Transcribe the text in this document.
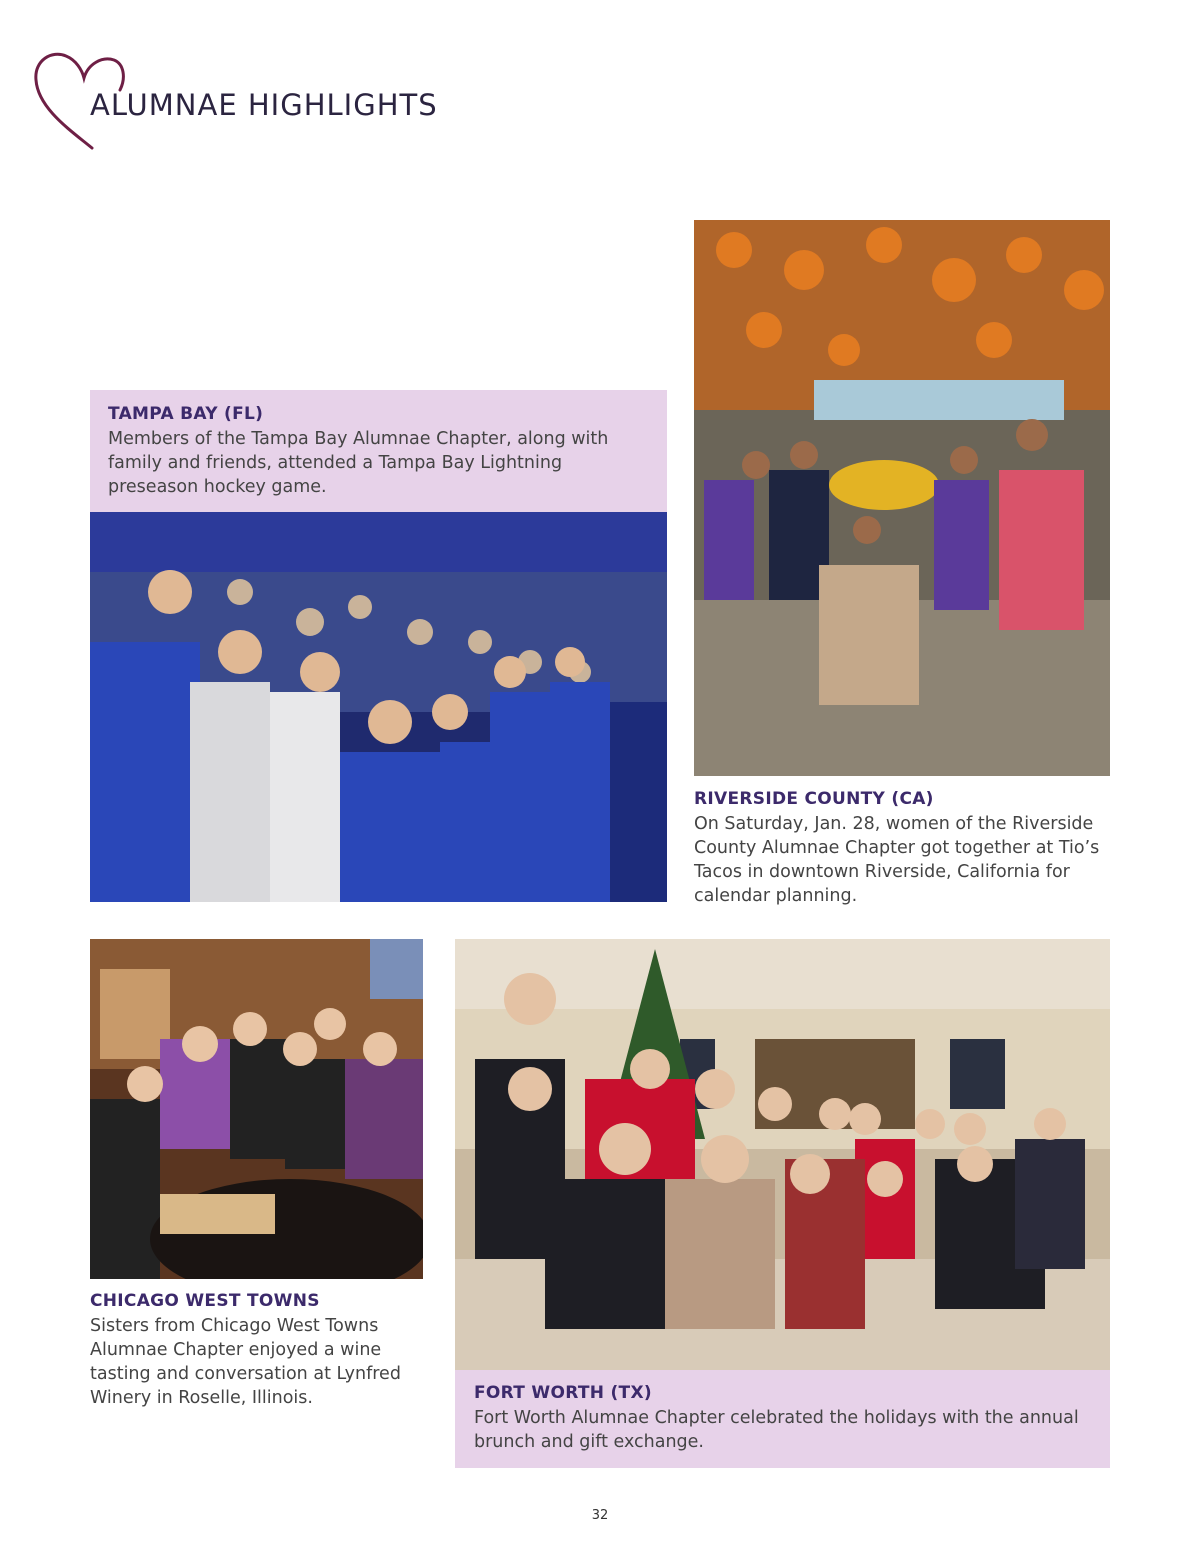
ALUMNAE HIGHLIGHTS
TAMPA BAY (FL)
Members of the Tampa Bay Alumnae Chapter, along with family and friends, attended a Tampa Bay Lightning preseason hockey game.
RIVERSIDE COUNTY (CA)
On Saturday, Jan. 28, women of the Riverside County Alumnae Chapter got together at Tio’s Tacos in downtown Riverside, California for calendar planning.
CHICAGO WEST TOWNS
Sisters from Chicago West Towns Alumnae Chapter enjoyed a wine tasting and conversation at Lynfred Winery in Roselle, Illinois.	FORT WORTH (TX)
Fort Worth Alumnae Chapter celebrated the holidays with the annual brunch and gift exchange.
32
